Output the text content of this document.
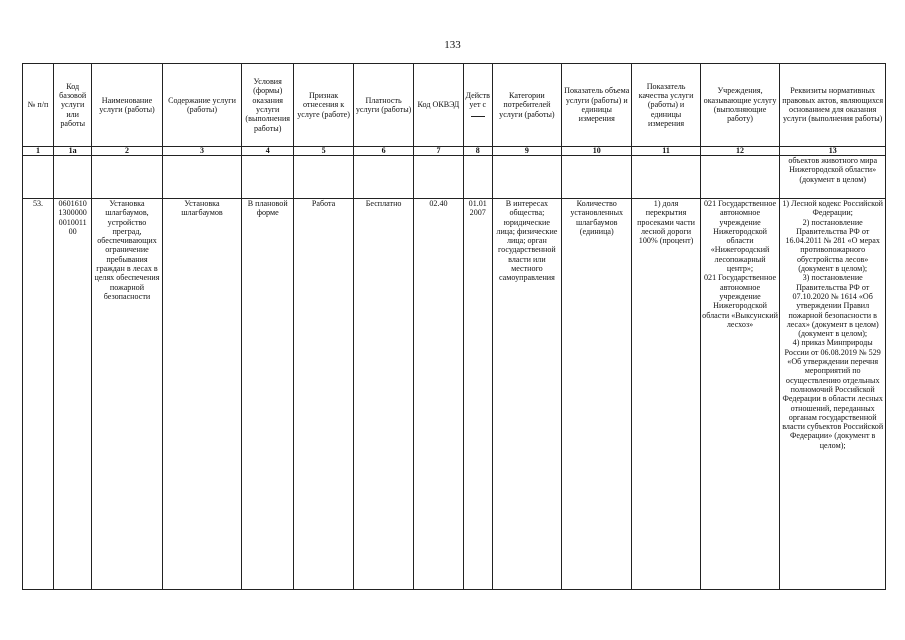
133
№ п/п	Код базовой услуги или работы	Наименование услуги (работы)	Содержание услуги (работы)	Условия (формы) оказания услуги (выполнения работы)	Признак отнесения к услуге (работе)	Платность услуги (работы)	Код ОКВЭД	Действует с	Категории потребителей услуги (работы)	Показатель объема услуги (работы) и единицы измерения	Показатель качества услуги (работы) и единицы измерения	Учреждения, оказывающие услугу (выполняющие работу)	Реквизиты нормативных правовых актов, являющихся основанием для оказания услуги (выполнения работы)
1	1а	2	3	4	5	6	7	8	9	10	11	12	13
													объектов животного мира Нижегородской области» (документ в целом)
53.	0601610 1300000 0010011 00	Установка шлагбаумов, устройство преград, обеспечивающих ограничение пребывания граждан в лесах в целях обеспечения пожарной безопасности	Установка шлагбаумов	В плановой форме	Работа	Бесплатно	02.40	01.01 2007	В интересах общества; юридические лица; физические лица; орган государственной власти или местного самоуправления	Количество установленных шлагбаумов (единица)	1) доля перекрытия просеками части лесной дороги 100% (процент)	021 Государственное автономное учреждение Нижегородской области «Нижегородский лесопожарный центр»;
021 Государственное автономное учреждение Нижегородской области «Выксунский лесхоз»	1) Лесной кодекс Российской Федерации;
2) постановление Правительства РФ от 16.04.2011 № 281 «О мерах противопожарного обустройства лесов» (документ в целом);
3) постановление Правительства РФ от 07.10.2020 № 1614 «Об утверждении Правил пожарной безопасности в лесах» (документ в целом) (документ в целом);
4) приказ Минприроды России от 06.08.2019 № 529 «Об утверждении перечня мероприятий по осуществлению отдельных полномочий Российской Федерации в области лесных отношений, переданных органам государственной власти субъектов Российской Федерации» (документ в целом);
